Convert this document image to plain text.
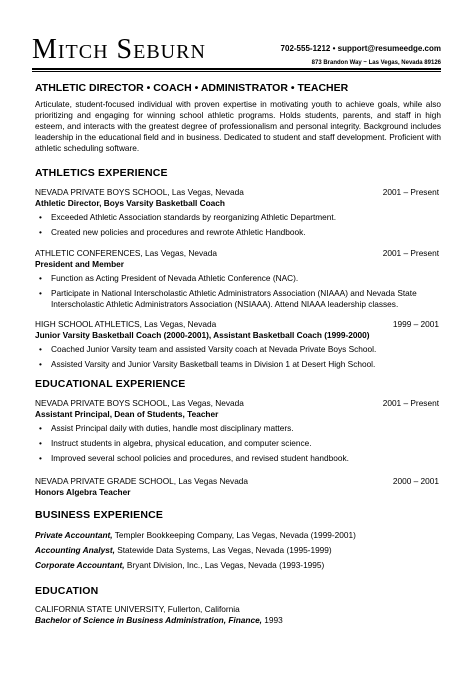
Mitch Seburn	702-555-1212 • support@resumeedge.com
873 Brandon Way ~ Las Vegas, Nevada 89126
ATHLETIC DIRECTOR • COACH • ADMINISTRATOR • TEACHER
Articulate, student-focused individual with proven expertise in motivating youth to achieve goals, while also prioritizing and engaging for winning school athletic programs. Holds students, parents, and staff in high esteem, and interacts with the greatest degree of professionalism and personal integrity. Background includes leadership in the educational field and in business. Dedicated to student and staff development. Proficient with athletic scheduling software.
ATHLETICS EXPERIENCE
NEVADA PRIVATE BOYS SCHOOL, Las Vegas, Nevada	2001 – Present
Athletic Director, Boys Varsity Basketball Coach
• Exceeded Athletic Association standards by reorganizing Athletic Department.
• Created new policies and procedures and rewrote Athletic Handbook.
ATHLETIC CONFERENCES, Las Vegas, Nevada	2001 – Present
President and Member
• Function as Acting President of Nevada Athletic Conference (NAC).
• Participate in National Interscholastic Athletic Administrators Association (NIAAA) and Nevada State Interscholastic Athletic Administrators Association (NSIAAA). Attend NIAAA leadership classes.
HIGH SCHOOL ATHLETICS, Las Vegas, Nevada	1999 – 2001
Junior Varsity Basketball Coach (2000-2001), Assistant Basketball Coach (1999-2000)
• Coached Junior Varsity team and assisted Varsity coach at Nevada Private Boys School.
• Assisted Varsity and Junior Varsity Basketball teams in Division 1 at Desert High School.
EDUCATIONAL EXPERIENCE
NEVADA PRIVATE BOYS SCHOOL, Las Vegas, Nevada	2001 – Present
Assistant Principal, Dean of Students, Teacher
• Assist Principal daily with duties, handle most disciplinary matters.
• Instruct students in algebra, physical education, and computer science.
• Improved several school policies and procedures, and revised student handbook.
NEVADA PRIVATE GRADE SCHOOL, Las Vegas Nevada	2000 – 2001
Honors Algebra Teacher
BUSINESS EXPERIENCE
Private Accountant, Templer Bookkeeping Company, Las Vegas, Nevada (1999-2001)
Accounting Analyst, Statewide Data Systems, Las Vegas, Nevada (1995-1999)
Corporate Accountant, Bryant Division, Inc., Las Vegas, Nevada (1993-1995)
EDUCATION
CALIFORNIA STATE UNIVERSITY, Fullerton, California
Bachelor of Science in Business Administration, Finance, 1993
